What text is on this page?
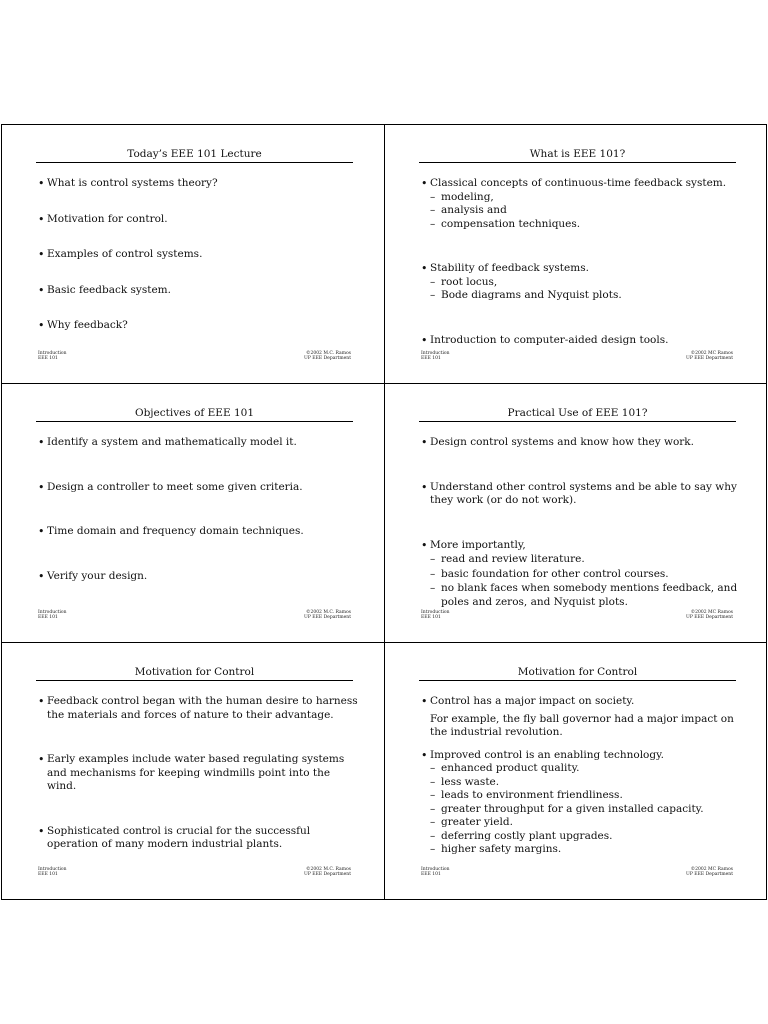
Today’s EEE 101 Lecture
• What is control systems theory?
• Motivation for control.
• Examples of control systems.
• Basic feedback system.
• Why feedback?
Introduction
EEE 101
©2002 M.C. Ramos
UP EEE Department
What is EEE 101?
• Classical concepts of continuous-time feedback system.
– modeling,
– analysis and
– compensation techniques.
• Stability of feedback systems.
– root locus,
– Bode diagrams and Nyquist plots.
• Introduction to computer-aided design tools.
Introduction
EEE 101
©2002 MC Ramos
UP EEE Department
Objectives of EEE 101
• Identify a system and mathematically model it.
• Design a controller to meet some given criteria.
• Time domain and frequency domain techniques.
• Verify your design.
Introduction
EEE 101
©2002 M.C. Ramos
UP EEE Department
Practical Use of EEE 101?
• Design control systems and know how they work.
• Understand other control systems and be able to say why they work (or do not work).
• More importantly,
– read and review literature.
– basic foundation for other control courses.
– no blank faces when somebody mentions feedback, and poles and zeros, and Nyquist plots.
Introduction
EEE 101
©2002 MC Ramos
UP EEE Department
Motivation for Control
• Feedback control began with the human desire to harness the materials and forces of nature to their advantage.
• Early examples include water based regulating systems and mechanisms for keeping windmills point into the wind.
• Sophisticated control is crucial for the successful operation of many modern industrial plants.
Introduction
EEE 101
©2002 M.C. Ramos
UP EEE Department
Motivation for Control
• Control has a major impact on society.
For example, the fly ball governor had a major impact on the industrial revolution.
• Improved control is an enabling technology.
– enhanced product quality.
– less waste.
– leads to environment friendliness.
– greater throughput for a given installed capacity.
– greater yield.
– deferring costly plant upgrades.
– higher safety margins.
Introduction
EEE 101
©2002 MC Ramos
UP EEE Department
